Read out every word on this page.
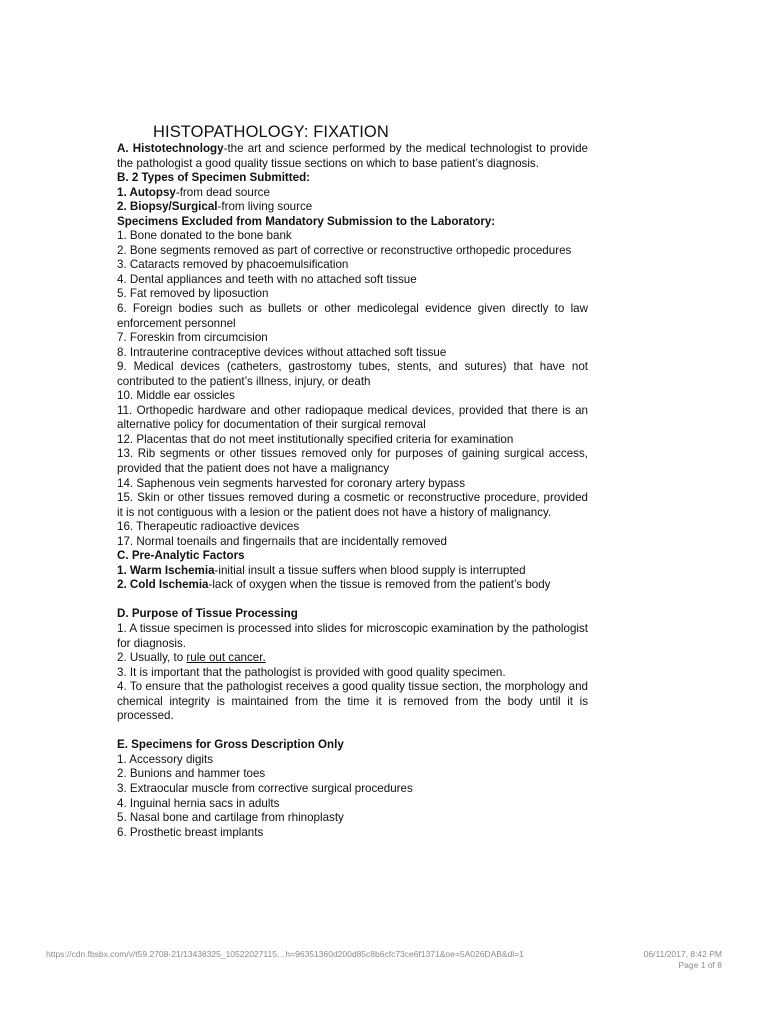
HISTOPATHOLOGY: FIXATION

A. Histotechnology-the art and science performed by the medical technologist to provide the pathologist a good quality tissue sections on which to base patient’s diagnosis.

B. 2 Types of Specimen Submitted:

1. Autopsy-from dead source

2. Biopsy/Surgical-from living source

Specimens Excluded from Mandatory Submission to the Laboratory:

1. Bone donated to the bone bank

2. Bone segments removed as part of corrective or reconstructive orthopedic procedures

3. Cataracts removed by phacoemulsification

4. Dental appliances and teeth with no attached soft tissue

5. Fat removed by liposuction

6. Foreign bodies such as bullets or other medicolegal evidence given directly to law enforcement personnel

7. Foreskin from circumcision

8. Intrauterine contraceptive devices without attached soft tissue

9. Medical devices (catheters, gastrostomy tubes, stents, and sutures) that have not contributed to the patient’s illness, injury, or death

10. Middle ear ossicles

11. Orthopedic hardware and other radiopaque medical devices, provided that there is an alternative policy for documentation of their surgical removal

12. Placentas that do not meet institutionally specified criteria for examination

13. Rib segments or other tissues removed only for purposes of gaining surgical access, provided that the patient does not have a malignancy

14. Saphenous vein segments harvested for coronary artery bypass

15. Skin or other tissues removed during a cosmetic or reconstructive procedure, provided it is not contiguous with a lesion or the patient does not have a history of malignancy.

16. Therapeutic radioactive devices

17. Normal toenails and fingernails that are incidentally removed

C. Pre-Analytic Factors

1. Warm Ischemia-initial insult a tissue suffers when blood supply is interrupted

2. Cold Ischemia-lack of oxygen when the tissue is removed from the patient’s body

D. Purpose of Tissue Processing

1. A tissue specimen is processed into slides for microscopic examination by the pathologist for diagnosis.

2. Usually, to rule out cancer.

3. It is important that the pathologist is provided with good quality specimen.

4. To ensure that the pathologist receives a good quality tissue section, the morphology and chemical integrity is maintained from the time it is removed from the body until it is processed.

E. Specimens for Gross Description Only

1. Accessory digits

2. Bunions and hammer toes

3. Extraocular muscle from corrective surgical procedures

4. Inguinal hernia sacs in adults

5. Nasal bone and cartilage from rhinoplasty

6. Prosthetic breast implants

https://cdn.fbsbx.com/v/t59.2708-21/13438325_10522027115…h=96351360d200d85c8b6cfc73ce6f1371&oe=5A026DAB&dl=1	06/11/2017, 8:42 PM
Page 1 of 8
